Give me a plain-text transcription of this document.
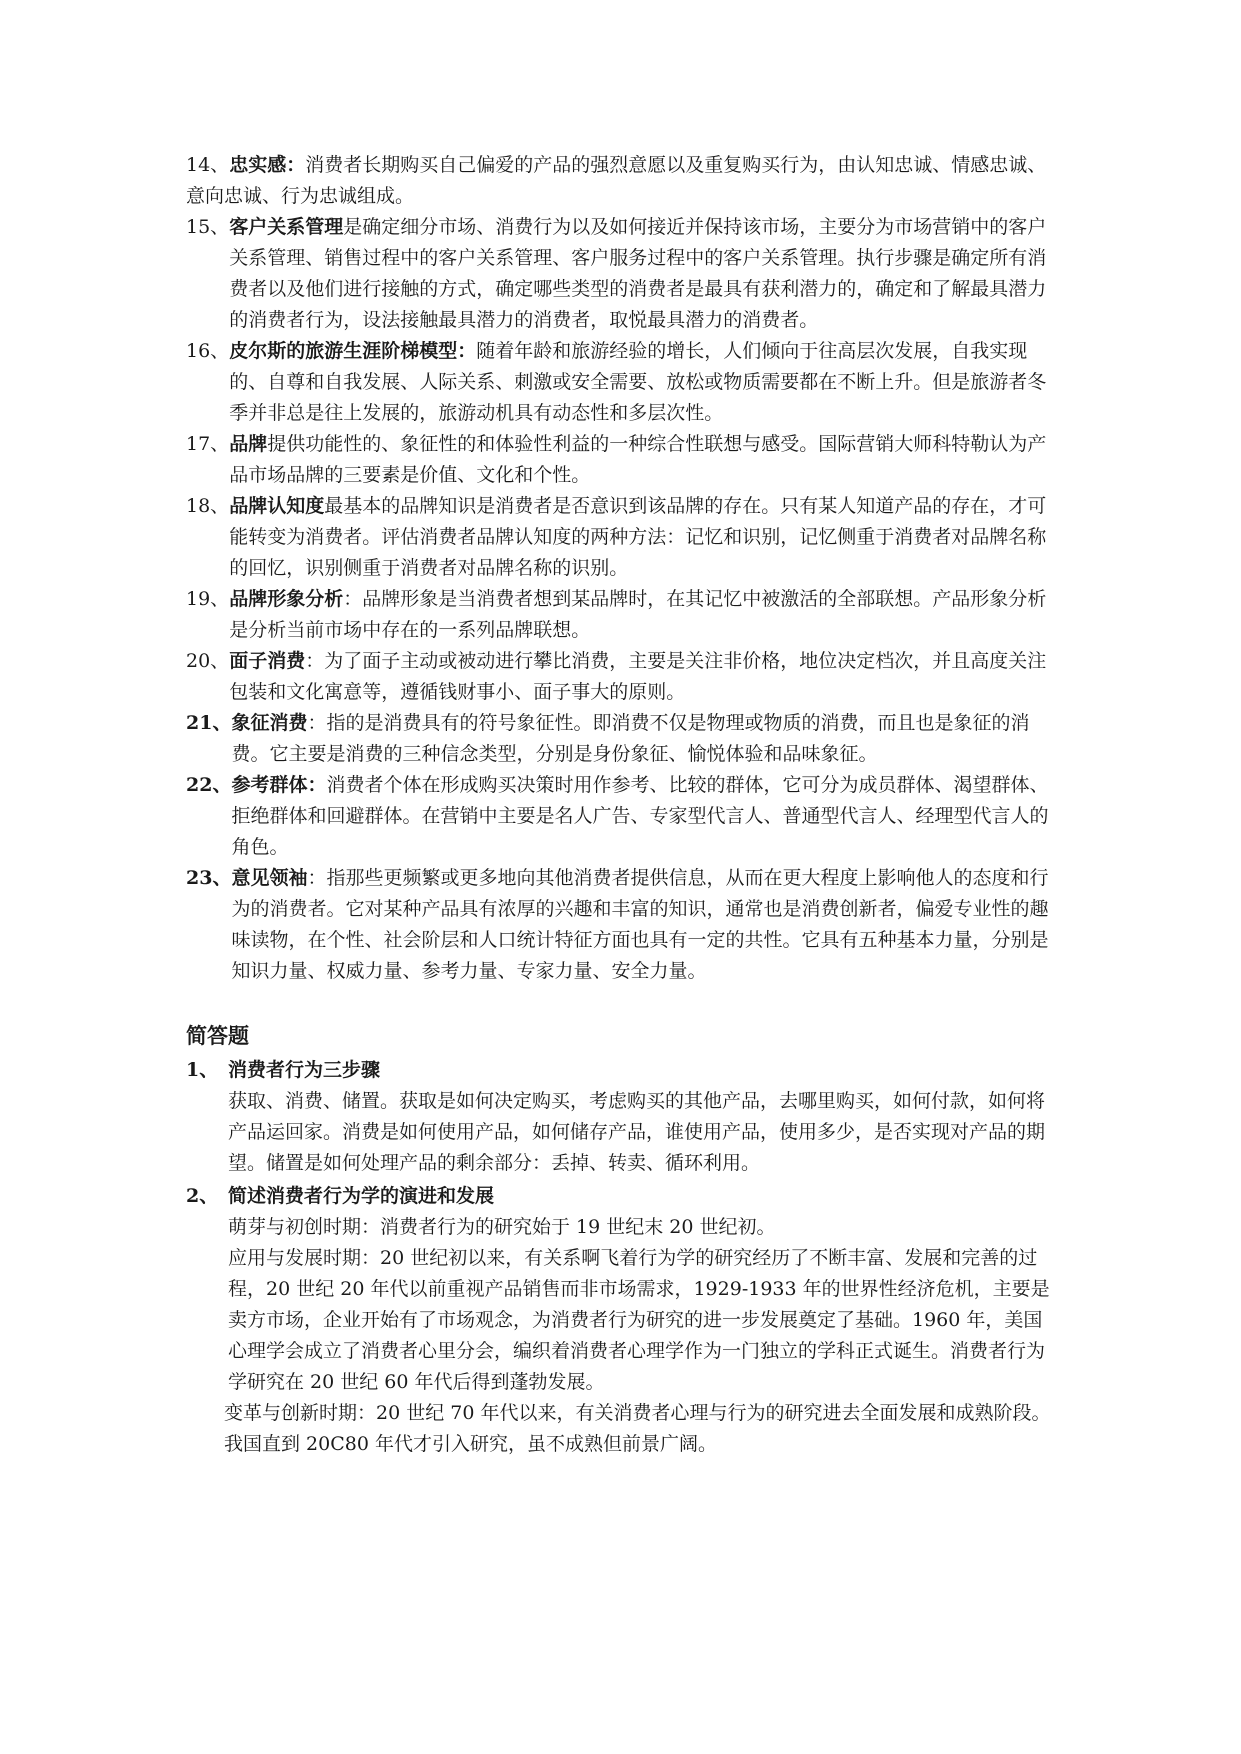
14、忠实感：消费者长期购买自己偏爱的产品的强烈意愿以及重复购买行为，由认知忠诚、情感忠诚、意向忠诚、行为忠诚组成。
15、 客户关系管理是确定细分市场、消费行为以及如何接近并保持该市场，主要分为市场营销中的客户关系管理、销售过程中的客户关系管理、客户服务过程中的客户关系管理。执行步骤是确定所有消费者以及他们进行接触的方式，确定哪些类型的消费者是最具有获利潜力的，确定和了解最具潜力的消费者行为，设法接触最具潜力的消费者，取悦最具潜力的消费者。
16、 皮尔斯的旅游生涯阶梯模型：随着年龄和旅游经验的增长，人们倾向于往高层次发展，自我实现的、自尊和自我发展、人际关系、刺激或安全需要、放松或物质需要都在不断上升。但是旅游者冬季并非总是往上发展的，旅游动机具有动态性和多层次性。
17、 品牌提供功能性的、象征性的和体验性利益的一种综合性联想与感受。国际营销大师科特勒认为产品市场品牌的三要素是价值、文化和个性。
18、 品牌认知度最基本的品牌知识是消费者是否意识到该品牌的存在。只有某人知道产品的存在，才可能转变为消费者。评估消费者品牌认知度的两种方法：记忆和识别，记忆侧重于消费者对品牌名称的回忆，识别侧重于消费者对品牌名称的识别。
19、 品牌形象分析：品牌形象是当消费者想到某品牌时，在其记忆中被激活的全部联想。产品形象分析是分析当前市场中存在的一系列品牌联想。
20、 面子消费：为了面子主动或被动进行攀比消费，主要是关注非价格，地位决定档次，并且高度关注包装和文化寓意等，遵循钱财事小、面子事大的原则。
21、 象征消费：指的是消费具有的符号象征性。即消费不仅是物理或物质的消费，而且也是象征的消费。它主要是消费的三种信念类型，分别是身份象征、愉悦体验和品味象征。
22、 参考群体：消费者个体在形成购买决策时用作参考、比较的群体，它可分为成员群体、渴望群体、拒绝群体和回避群体。在营销中主要是名人广告、专家型代言人、普通型代言人、经理型代言人的角色。
23、 意见领袖：指那些更频繁或更多地向其他消费者提供信息，从而在更大程度上影响他人的态度和行为的消费者。它对某种产品具有浓厚的兴趣和丰富的知识，通常也是消费创新者，偏爱专业性的趣味读物，在个性、社会阶层和人口统计特征方面也具有一定的共性。它具有五种基本力量，分别是知识力量、权威力量、参考力量、专家力量、安全力量。
简答题
1、 消费者行为三步骤
获取、消费、储置。获取是如何决定购买，考虑购买的其他产品，去哪里购买，如何付款，如何将产品运回家。消费是如何使用产品，如何储存产品，谁使用产品，使用多少，是否实现对产品的期望。储置是如何处理产品的剩余部分：丢掉、转卖、循环利用。
2、 简述消费者行为学的演进和发展
萌芽与初创时期：消费者行为的研究始于 19 世纪末 20 世纪初。
应用与发展时期：20 世纪初以来，有关系啊飞着行为学的研究经历了不断丰富、发展和完善的过程，20 世纪 20 年代以前重视产品销售而非市场需求，1929-1933 年的世界性经济危机，主要是卖方市场，企业开始有了市场观念，为消费者行为研究的进一步发展奠定了基础。1960 年，美国心理学会成立了消费者心里分会，编织着消费者心理学作为一门独立的学科正式诞生。消费者行为学研究在 20 世纪 60 年代后得到蓬勃发展。
变革与创新时期：20 世纪 70 年代以来，有关消费者心理与行为的研究进去全面发展和成熟阶段。我国直到 20C80 年代才引入研究，虽不成熟但前景广阔。
